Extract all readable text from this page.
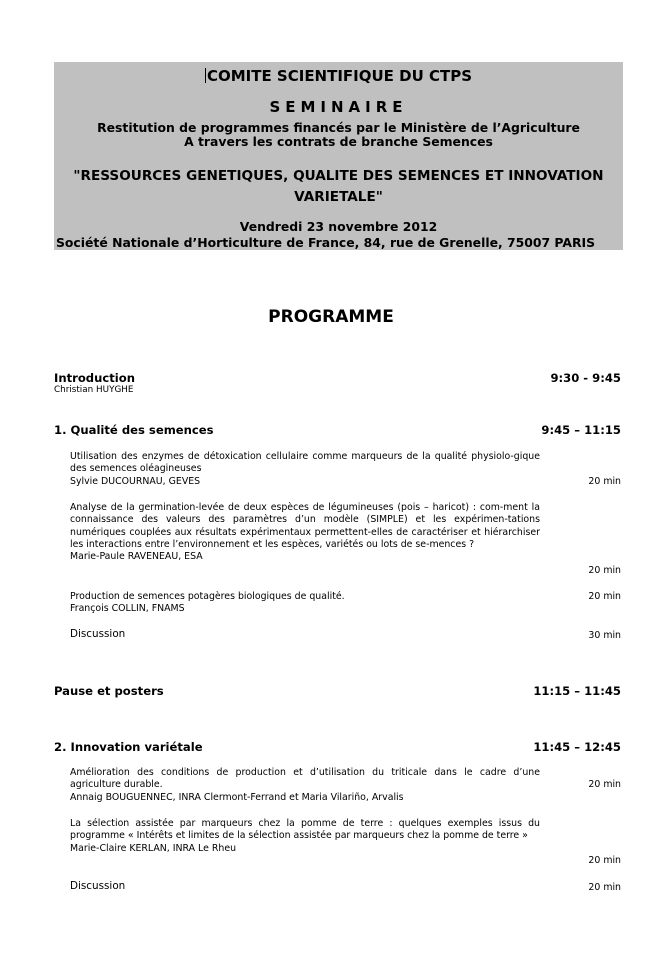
COMITE SCIENTIFIQUE DU CTPS
SEMINAIRE
Restitution de programmes financés par le Ministère de l’Agriculture
A travers les contrats de branche Semences
"RESSOURCES GENETIQUES, QUALITE DES SEMENCES ET INNOVATION VARIETALE"
Vendredi 23 novembre 2012
Société Nationale d’Horticulture de France, 84, rue de Grenelle, 75007 PARIS
PROGRAMME
Introduction
Christian HUYGHE
9:30 - 9:45
1. Qualité des semences	9:45 – 11:15
Utilisation des enzymes de détoxication cellulaire comme marqueurs de la qualité physiolo-gique des semences oléagineuses
Sylvie DUCOURNAU, GEVES	20 min
Analyse de la germination-levée de deux espèces de légumineuses (pois – haricot) : com-ment la connaissance des valeurs des paramètres d’un modèle (SIMPLE) et les expérimen-tations numériques couplées aux résultats expérimentaux permettent-elles de caractériser et hiérarchiser les interactions entre l’environnement et les espèces, variétés ou lots de se-mences ?
Marie-Paule RAVENEAU, ESA
20 min
Production de semences potagères biologiques de qualité.
François COLLIN, FNAMS
20 min
Discussion	30 min
Pause et posters	11:15 – 11:45
2. Innovation variétale	11:45 – 12:45
Amélioration des conditions de production et d’utilisation du triticale dans le cadre d’une agriculture durable.
Annaig BOUGUENNEC, INRA Clermont-Ferrand et Maria Vilariño, Arvalis
20 min
La sélection assistée par marqueurs chez la pomme de terre : quelques exemples issus du programme « Intérêts et limites de la sélection assistée par marqueurs chez la pomme de terre »
Marie-Claire KERLAN, INRA Le Rheu
20 min
Discussion	20 min
